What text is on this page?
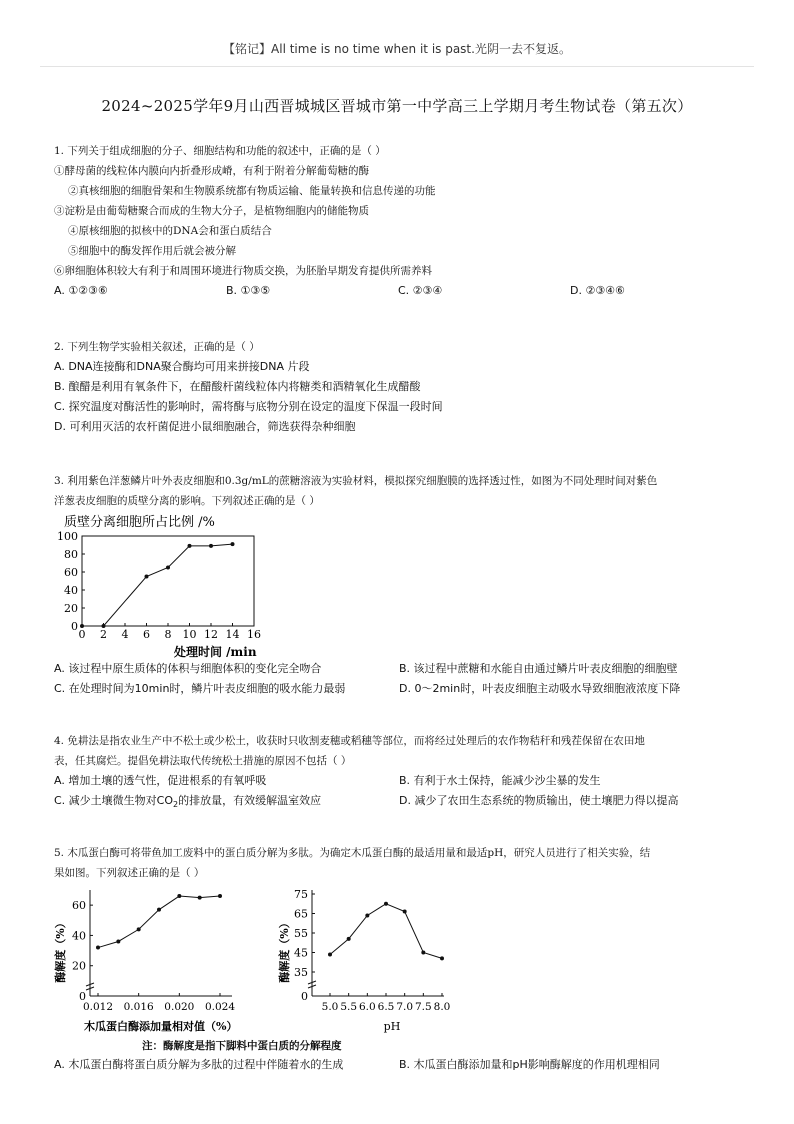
【铭记】All time is no time when it is past.光阴一去不复返。
2024~2025学年9月山西晋城城区晋城市第一中学高三上学期月考生物试卷（第五次）
1. 下列关于组成细胞的分子、细胞结构和功能的叙述中，正确的是（ ）
①酵母菌的线粒体内膜向内折叠形成嵴，有利于附着分解葡萄糖的酶
②真核细胞的细胞骨架和生物膜系统都有物质运输、能量转换和信息传递的功能
③淀粉是由葡萄糖聚合而成的生物大分子，是植物细胞内的储能物质
④原核细胞的拟核中的DNA会和蛋白质结合
⑤细胞中的酶发挥作用后就会被分解
⑥卵细胞体积较大有利于和周围环境进行物质交换，为胚胎早期发育提供所需养料
A. ①②③⑥	B. ①③⑤	C. ②③④	D. ②③④⑥
2. 下列生物学实验相关叙述，正确的是（ ）
A. DNA连接酶和DNA聚合酶均可用来拼接DNA 片段
B. 酿醋是利用有氧条件下，在醋酸杆菌线粒体内将糖类和酒精氧化生成醋酸
C. 探究温度对酶活性的影响时，需将酶与底物分别在设定的温度下保温一段时间
D. 可利用灭活的农杆菌促进小鼠细胞融合，筛选获得杂种细胞
3. 利用紫色洋葱鳞片叶外表皮细胞和0.3g/mL的蔗糖溶液为实验材料，模拟探究细胞膜的选择透过性，如图为不同处理时间对紫色
洋葱表皮细胞的质壁分离的影响。下列叙述正确的是（ ）
质壁分离细胞所占比例 /%
0 2 4 6 8 10 12 14 16
0
20
40
60
80
100
处理时间 /min
A. 该过程中原生质体的体积与细胞体积的变化完全吻合	B. 该过程中蔗糖和水能自由通过鳞片叶表皮细胞的细胞壁
C. 在处理时间为10min时，鳞片叶表皮细胞的吸水能力最弱	D. 0～2min时，叶表皮细胞主动吸水导致细胞液浓度下降
4. 免耕法是指农业生产中不松土或少松土，收获时只收割麦穗或稻穗等部位，而将经过处理后的农作物秸秆和残茬保留在农田地
表，任其腐烂。提倡免耕法取代传统松土措施的原因不包括（ ）
A. 增加土壤的透气性，促进根系的有氧呼吸	B. 有利于水土保持，能减少沙尘暴的发生
C. 减少土壤微生物对$CO_2$的排放量，有效缓解温室效应	D. 减少了农田生态系统的物质输出，使土壤肥力得以提高
5. 木瓜蛋白酶可将带鱼加工废料中的蛋白质分解为多肽。为确定木瓜蛋白酶的最适用量和最适pH，研究人员进行了相关实验，结
果如图。下列叙述正确的是（ ）
20
40
60
0
0.012 0.016 0.020 0.024
酶解度（%）
木瓜蛋白酶添加量相对值（%）
35
45
55
65
75
0
5.0 5.5 6.0 6.5 7.0 7.5 8.0
酶解度（%）
pH
注：酶解度是指下脚料中蛋白质的分解程度
A. 木瓜蛋白酶将蛋白质分解为多肽的过程中伴随着水的生成	B. 木瓜蛋白酶添加量和pH影响酶解度的作用机理相同
